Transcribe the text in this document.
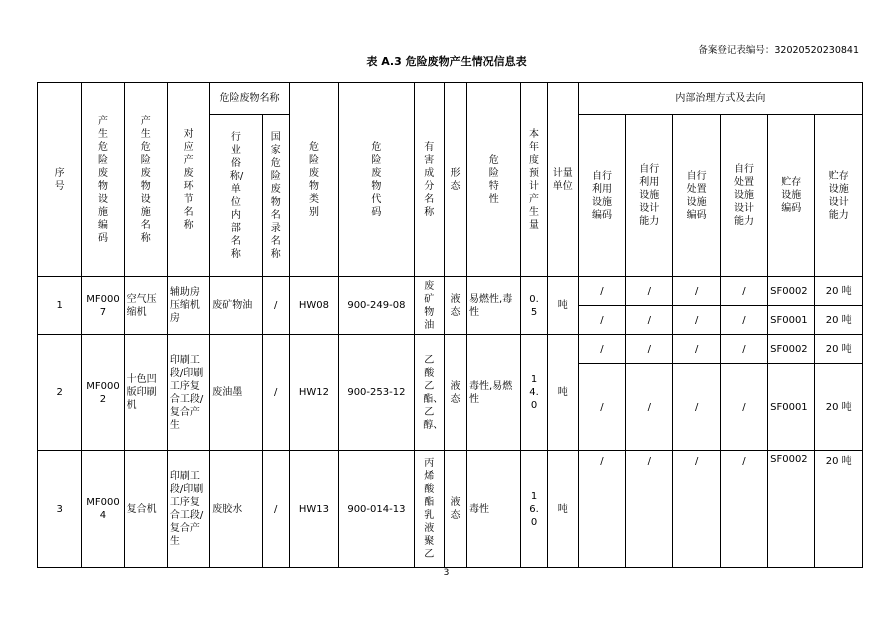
备案登记表编号：32020520230841
表 A.3 危险废物产生情况信息表
序号	产生危险废物设施编码	产生危险废物设施名称	对应产废环节名称	危险废物名称		危险废物类别	危险废物代码	有害成分名称	形态	危险特性	本年度预计产生量	计量单位	内部治理方式及去向					

				行业俗称/单位内部名称	国家危险废物名录名称								自行利用设施编码	自行利用设施设计能力	自行处置设施编码	自行处置设施设计能力	贮存设施编码	贮存设施设计能力

1	MF0007	空气压缩机	辅助房压缩机房	废矿物油	/	HW08	900-249-08	废矿物油	液态	易燃性,毒性	0.5	吨	/	/	/	/	SF0002	20 吨
													/	/	/	/	SF0001	20 吨
2	MF0002	十色凹版印刷机	印刷工段/印刷工序复合工段/复合产生	废油墨	/	HW12	900-253-12	乙酸乙酯、乙醇、	液态	毒性,易燃性	14.0	吨	/	/	/	/	SF0002	20 吨
													/	/	/	/	SF0001	20 吨
3	MF0004	复合机	印刷工段/印刷工序复合工段/复合产生	废胶水	/	HW13	900-014-13	丙烯酸酯乳液聚乙	液态	毒性	16.0	吨	/	/	/	/	SF0002	20 吨
3
